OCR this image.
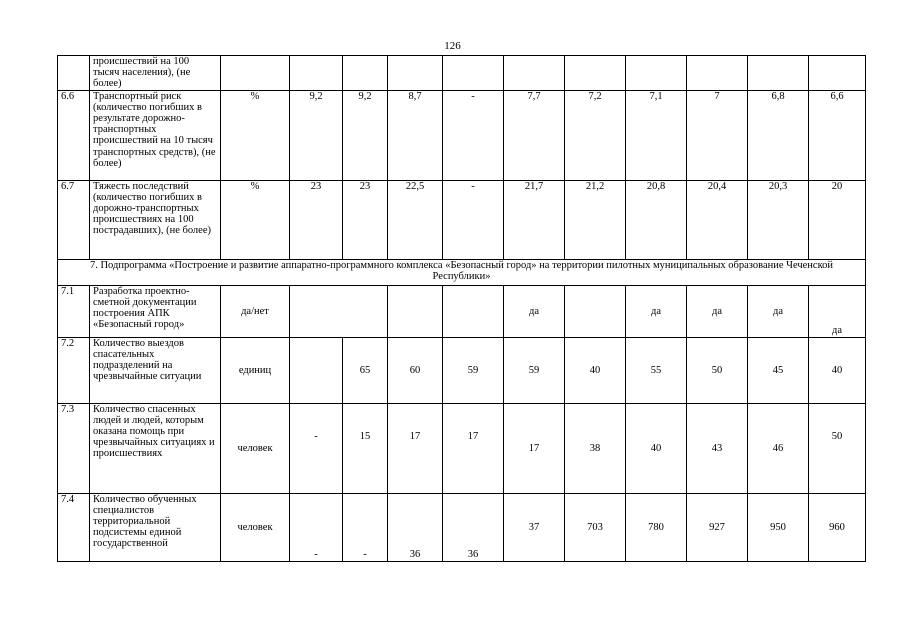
126
	происшествий на 100 тысяч населения), (не более)											
6.6	Транспортный риск (количество погибших в результате дорожно-транспортных происшествий на 10 тысяч транспортных средств), (не более)	%	9,2	9,2	8,7	-	7,7	7,2	7,1	7	6,8	6,6
6.7	Тяжесть последствий (количество погибших в дорожно-транспортных происшествиях на 100 пострадавших), (не более)	%	23	23	22,5	-	21,7	21,2	20,8	20,4	20,3	20
7. Подпрограмма «Построение и развитие аппаратно-программного комплекса «Безопасный город» на территории пилотных муниципальных образование Чеченской Республики»												
7.1	Разработка проектно-сметной документации построения АПК «Безопасный город»	да/нет					да		да	да	да	да
7.2	Количество выездов спасательных подразделений на чрезвычайные ситуации	единиц		65	60	59	59	40	55	50	45	40
7.3	Количество спасенных людей и людей, которым оказана помощь при чрезвычайных ситуациях и происшествиях	человек	-	15	17	17	17	38	40	43	46	50
7.4	Количество обученных специалистов территориальной подсистемы единой государственной	человек	-	-	36	36	37	703	780	927	950	960
